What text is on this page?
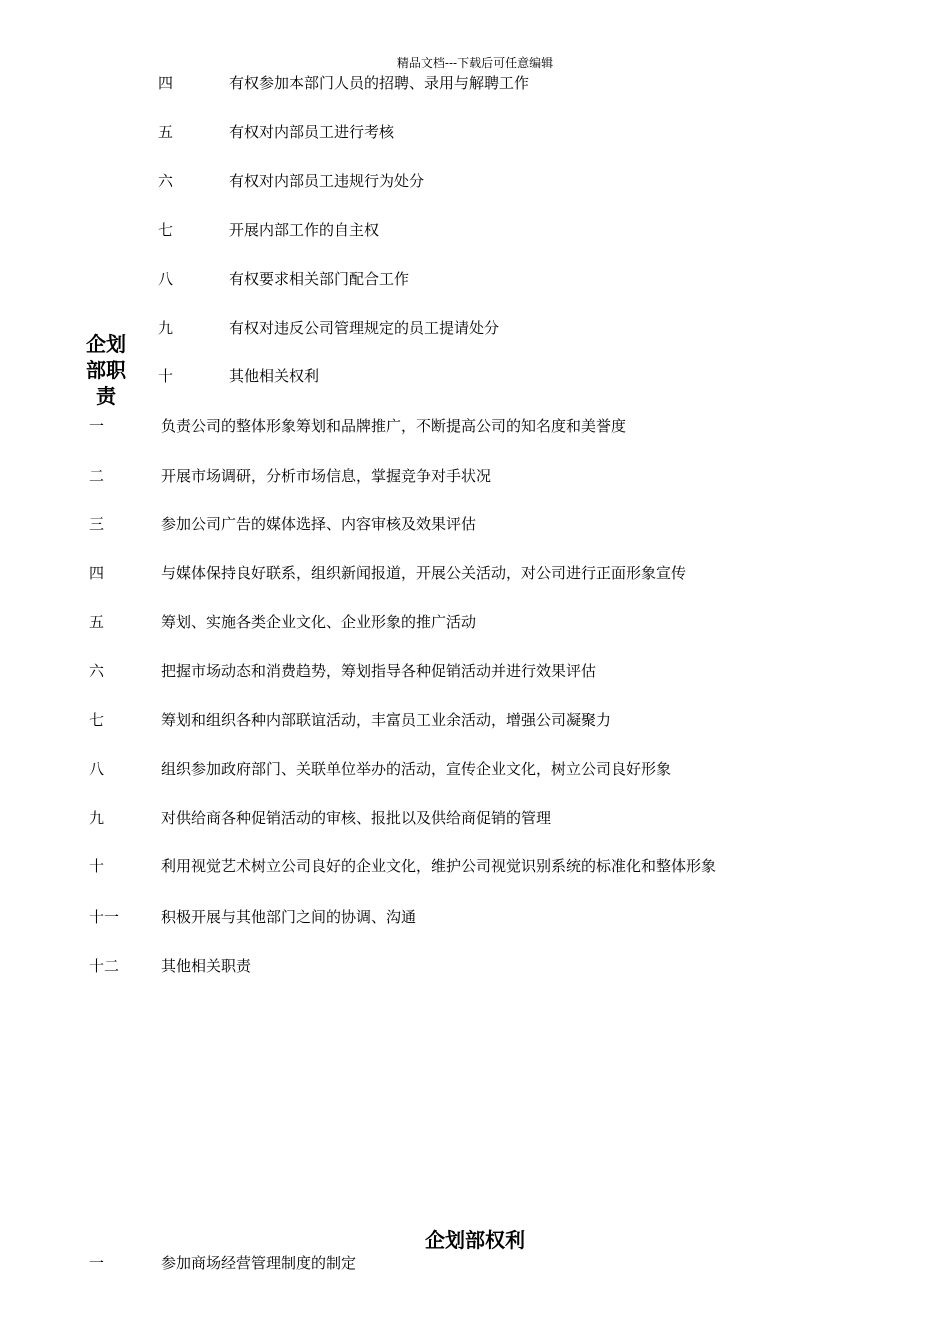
精品文档---下载后可任意编辑
四	有权参加本部门人员的招聘、录用与解聘工作
五	有权对内部员工进行考核
六	有权对内部员工违规行为处分
七	开展内部工作的自主权
八	有权要求相关部门配合工作
九	有权对违反公司管理规定的员工提请处分
十	其他相关权利
企划部职责
一	负责公司的整体形象筹划和品牌推广，不断提高公司的知名度和美誉度
二	开展市场调研，分析市场信息，掌握竞争对手状况
三	参加公司广告的媒体选择、内容审核及效果评估
四	与媒体保持良好联系，组织新闻报道，开展公关活动，对公司进行正面形象宣传
五	筹划、实施各类企业文化、企业形象的推广活动
六	把握市场动态和消费趋势，筹划指导各种促销活动并进行效果评估
七	筹划和组织各种内部联谊活动，丰富员工业余活动，增强公司凝聚力
八	组织参加政府部门、关联单位举办的活动，宣传企业文化，树立公司良好形象
九	对供给商各种促销活动的审核、报批以及供给商促销的管理
十	利用视觉艺术树立公司良好的企业文化，维护公司视觉识别系统的标准化和整体形象
十一	积极开展与其他部门之间的协调、沟通
十二	其他相关职责
企划部权利
一	参加商场经营管理制度的制定
